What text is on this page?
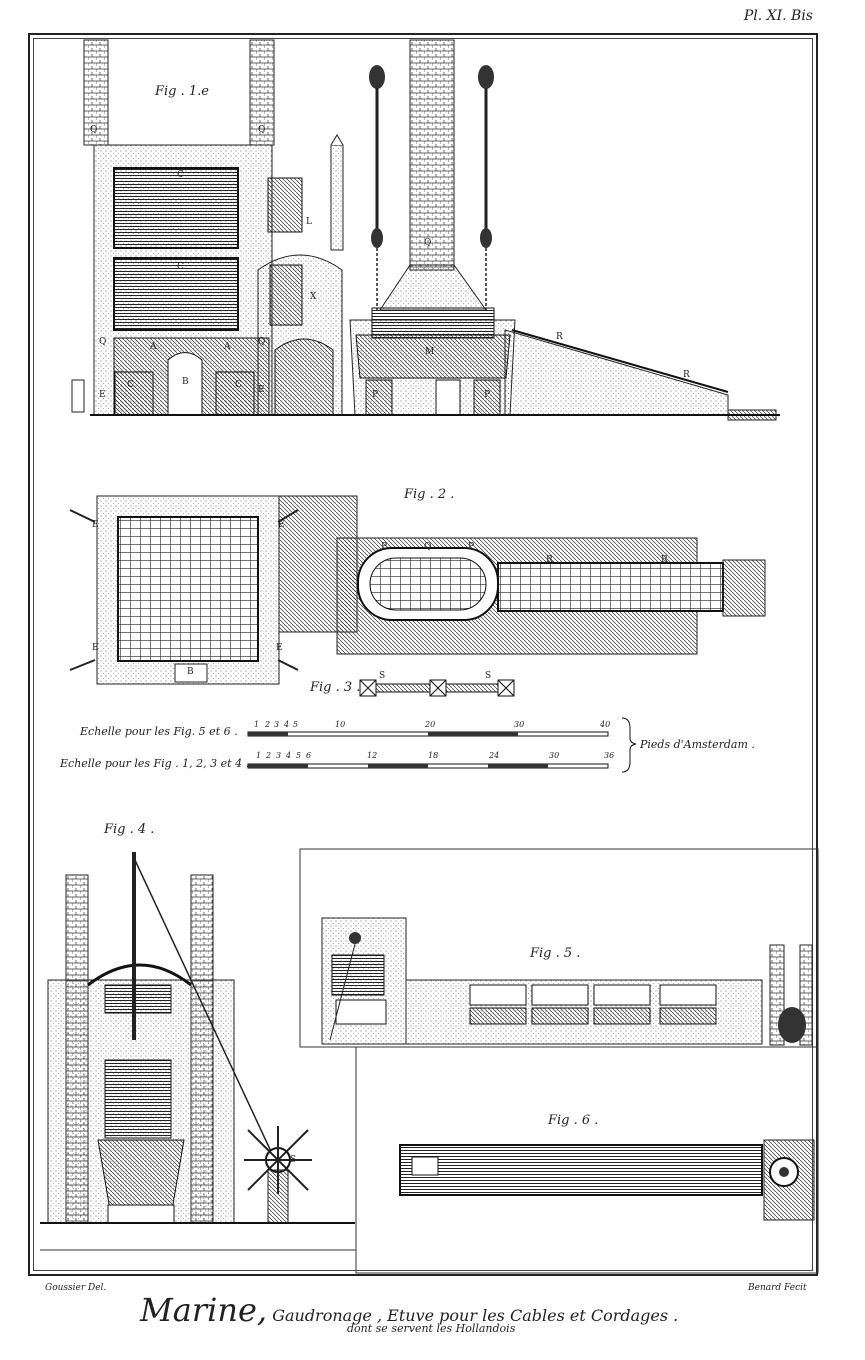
Pl. XI. Bis
Fig . 1.e
Fig . 2 .
Fig . 3 .
Fig . 4 .
Fig . 5 .
Fig . 6 .
Q	Q
C
L
C
Q
X
Q	Q
A	A
B
C	C
E	E
M
R
R
P	P
E	E
E	E
B
P	Q	P
R	R
S	S
S
Echelle pour les Fig. 5 et 6 .
1 2 3 4 5	10	20	30	40
Echelle pour les Fig . 1, 2, 3 et 4 .
1 2 3 4 5 6	12	18	24	30	36
Pieds d'Amsterdam .
Goussier Del.	Benard Fecit
Marine, Gaudronage , Etuve pour les Cables et Cordages .
dont se servent les Hollandois
